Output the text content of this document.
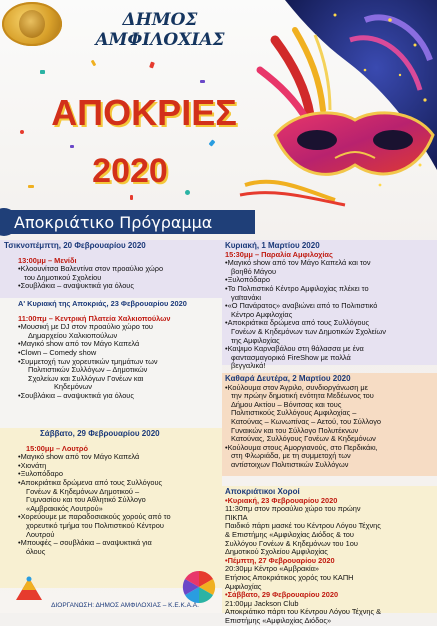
ΔΗΜΟΣ
ΑΜΦΙΛΟΧΙΑΣ
ΑΠΟΚΡΙΕΣ
2020
Αποκριάτικο Πρόγραμμα
Τσικνοπέμπτη, 20 Φεβρουαρίου 2020
13:00μμ – Μενίδι
•Κλοουνίτσα Βαλεντίνα στον προαύλιο χώρο
του Δημοτικού Σχολείου
•Σουβλάκια – αναψυκτικά για όλους
Α' Κυριακή της Αποκριάς, 23 Φεβρουαρίου 2020
11:00πμ – Κεντρική Πλατεία Χαλκιοπούλων
•Μουσική με DJ στον προαύλιο χώρο του
Δημαρχείου Χαλκιοπούλων
•Μαγικό show από τον Μάγο Καπελά
•Clown – Comedy show
•Συμμετοχή των χορευτικών τμημάτων των
Πολιτιστικών Συλλόγων – Δημοτικών
Σχολείων και Συλλόγων Γονέων και
Κηδεμόνων
•Σουβλάκια – αναψυκτικά για όλους
Σάββατο, 29 Φεβρουαρίου 2020
15:00μμ – Λουτρό
•Μαγικό show από τον Μάγο Καπελά
•Χιονάτη
•Ξυλοπόδαρο
•Αποκριάτικα δρώμενα από τους Συλλόγους
Γονέων & Κηδεμόνων Δημοτικού –
Γυμνασίου και του Αθλητικό Σύλλογο
«Αμβρακικός Λουτρού»
•Χορεύουμε με παραδοσιακούς χορούς από το
χορευτικό τμήμα του Πολιτιστικού Κέντρου
Λουτρού
•Μπουφές – σουβλάκια – αναψυκτικά για
όλους
ΔΙΟΡΓΑΝΩΣΗ: ΔΗΜΟΣ ΑΜΦΙΛΟΧΙΑΣ – Κ.Ε.Κ.Α.Α.
Κυριακή, 1 Μαρτίου 2020
15:30μμ – Παραλία Αμφιλοχίας
•Μαγικό show από τον Μάγο Καπελά και τον
βοηθό Μάγου
•Ξυλοπόδαρο
•Το Πολιτιστικό Κέντρο Αμφιλοχίας πλέκει το
γαϊτανάκι
•«Ο Πανάρατος» αναβιώνει από το Πολιτιστικό
Κέντρο Αμφιλοχίας
•Αποκριάτικα δρώμενα από τους Συλλόγους
Γονέων & Κηδεμόνων των Δημοτικών Σχολείων
της Αμφιλοχίας
•Καψιμο Καρναβάλου στη θάλασσα με ένα
φαντασμαγορικό FireShow με πολλά
βεγγαλικά!
Καθαρά Δευτέρα, 2 Μαρτίου 2020
•Κούλουμα στον Άγριλο, συνδιοργάνωση με
την πρώην δημοτική ενότητα Μεδέωνος του
Δήμου Ακτίου – Βόνιτσας και τους
Πολιτιστικούς Συλλόγους Αμφιλοχίας –
Κατούνας – Κωνωπίνας – Αετού, του Σύλλογο
Γυναικών και του Σύλλογο Πολυτέκνων
Κατούνας, Συλλόγους Γονέων & Κηδεμόνων
•Κούλουμα στους Αμοργιανούς, στο Περδικάκι,
στη Φλωριάδα, με τη συμμετοχή των
αντίστοιχων Πολιτιστικών Συλλόγων
Αποκριάτικοι Χοροί
•Κυριακή, 23 Φεβρουαρίου 2020
11:30πμ στον προαύλιο χώρο του πρώην
ΠΙΚΠΑ
Παιδικό πάρτι μασκέ του Κέντρου Λόγου Τέχνης
& Επιστήμης «Αμφιλοχίας Διόδος & του
Συλλόγου Γονέων & Κηδεμόνων του 1ου
Δημοτικού Σχολείου Αμφιλοχίας
•Πέμπτη, 27 Φεβρουαρίου 2020
20:30μμ Κέντρο «Αμβρακία»
Ετήσιος Αποκριάτικος χορός του ΚΑΠΗ
Αμφιλοχίας
•Σάββατο, 29 Φεβρουαρίου 2020
21:00μμ Jackson Club
Αποκριάτικο πάρτι του Κέντρου Λόγου Τέχνης &
Επιστήμης «Αμφιλοχίας Διόδος»
